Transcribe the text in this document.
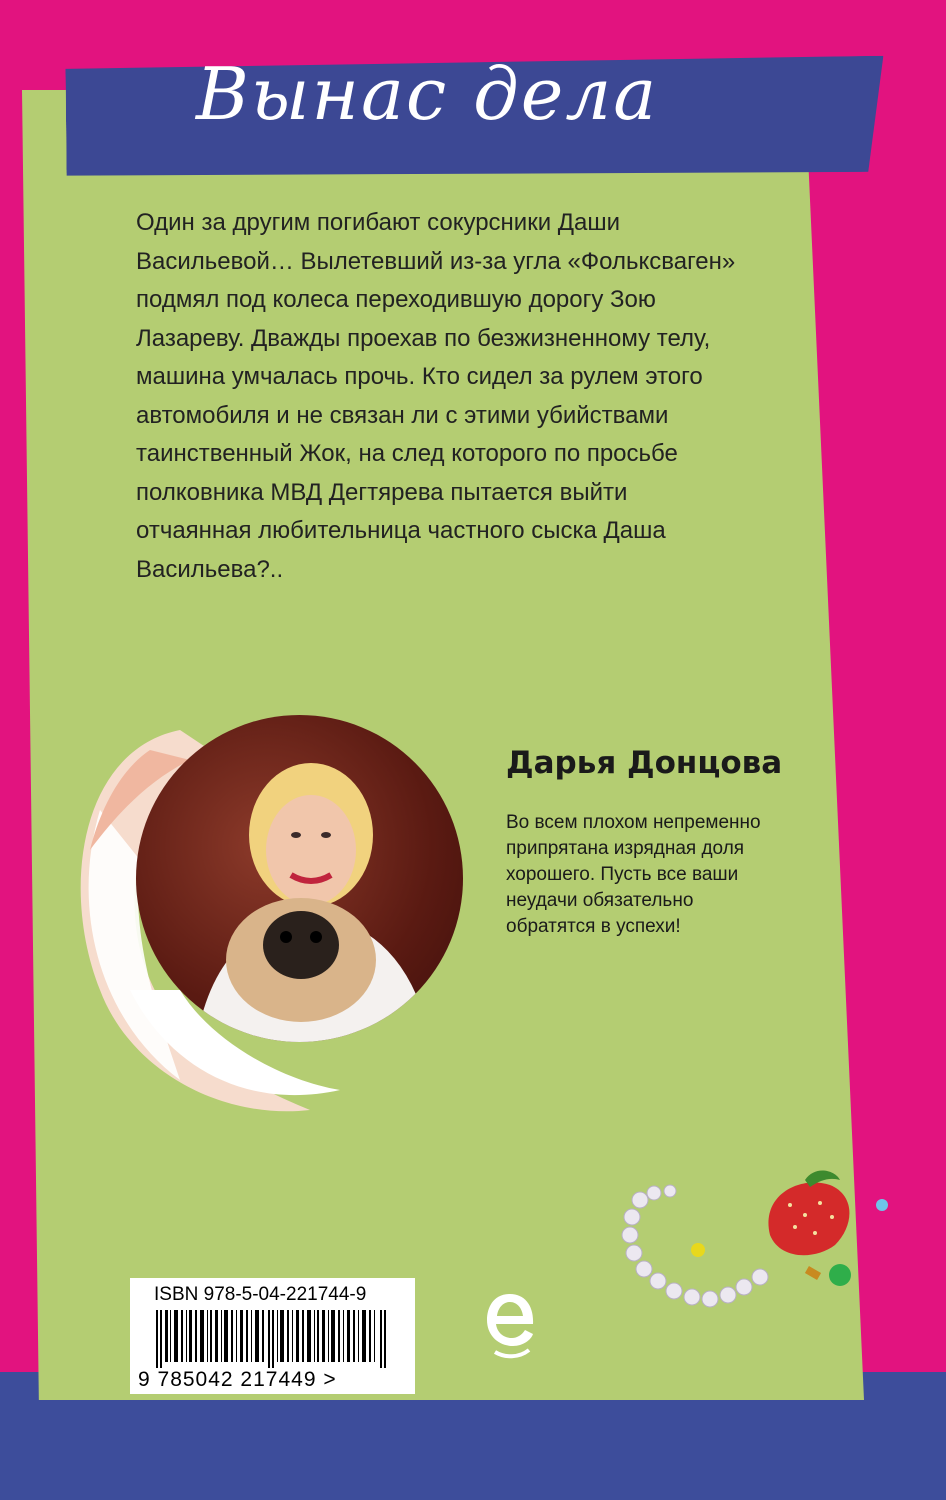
Вынас дела
Один за другим погибают сокурсники Даши
Васильевой… Вылетевший из-за угла «Фольксваген»
подмял под колеса переходившую дорогу Зою
Лазареву. Дважды проехав по безжизненному телу,
машина умчалась прочь. Кто сидел за рулем этого
автомобиля и не связан ли с этими убийствами
таинственный Жок, на след которого по просьбе
полковника МВД Дегтярева пытается выйти
отчаянная любительница частного сыска Даша
Васильева?..
Дарья Донцова
Во всем плохом непременно
припрятана изрядная доля
хорошего. Пусть все ваши
неудачи обязательно
обратятся в успехи!
ISBN 978-5-04-221744-9
9 785042 217449 >
